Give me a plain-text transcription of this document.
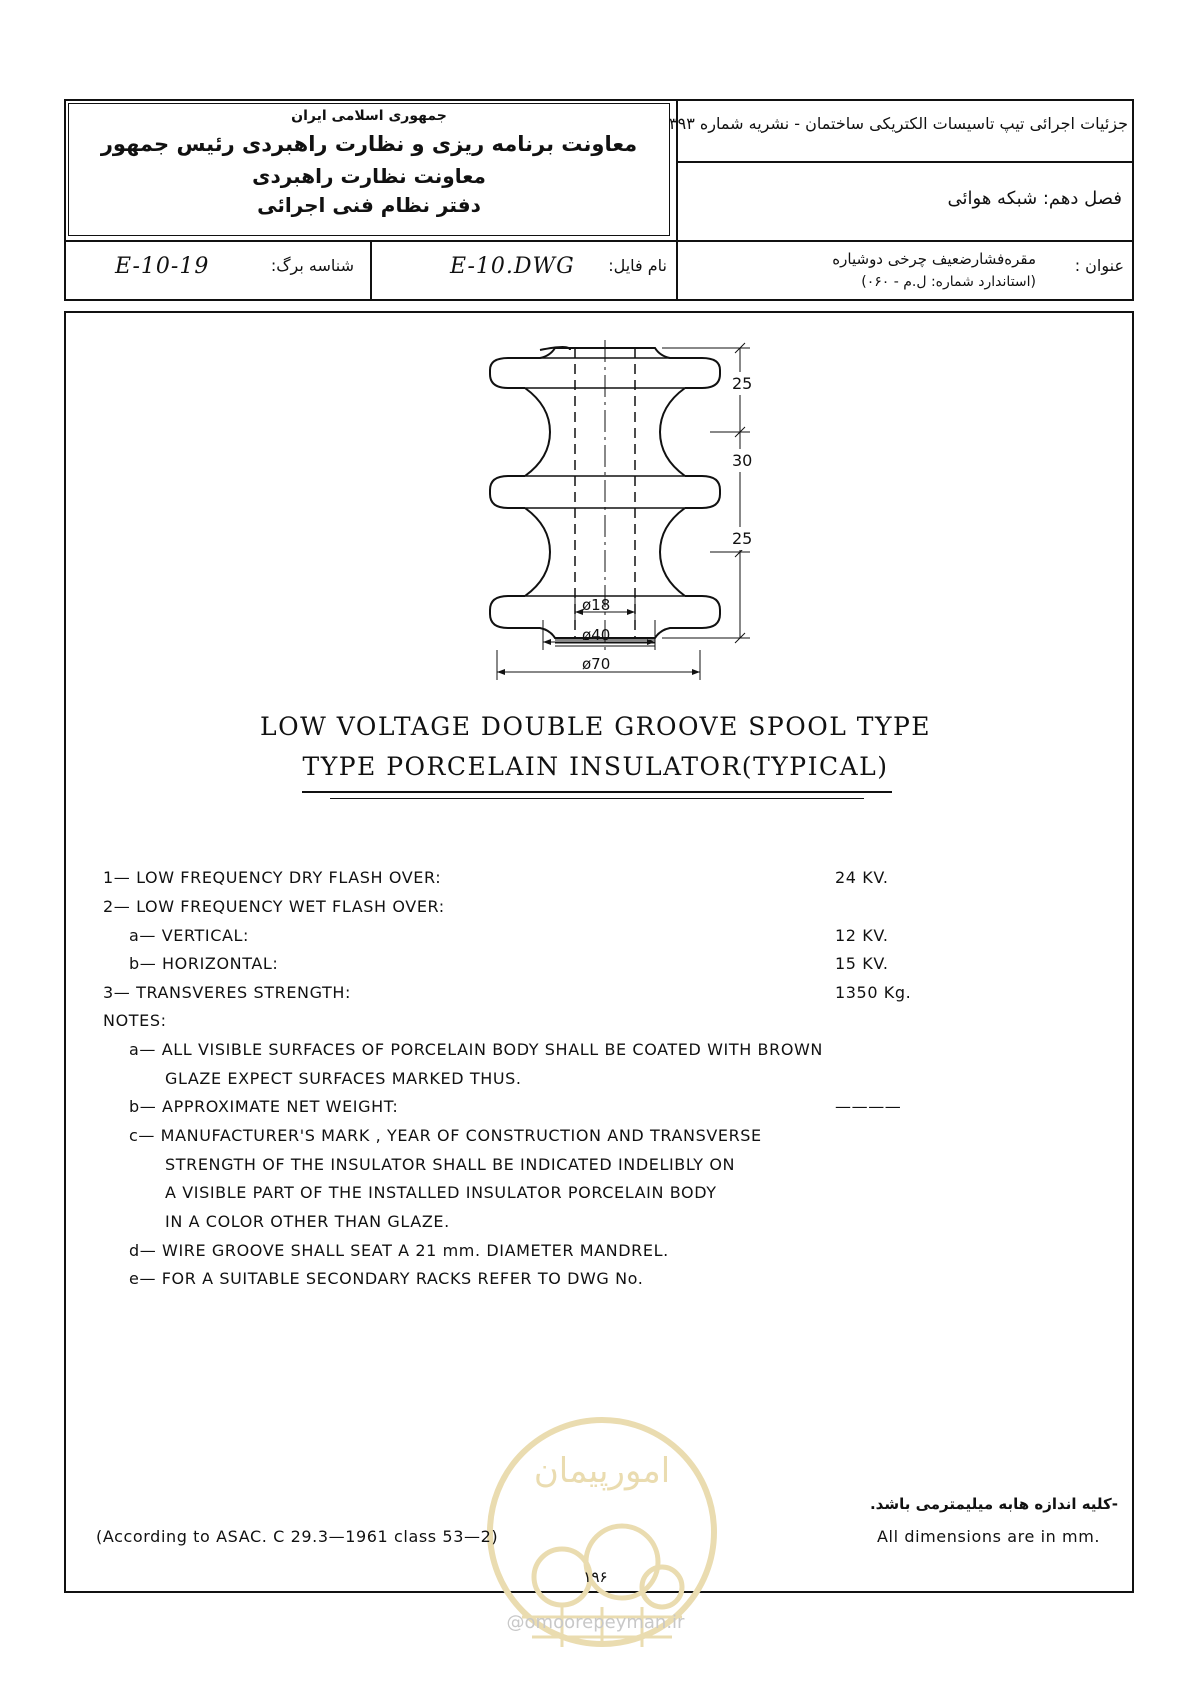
جمهوری اسلامی ایران
معاونت برنامه ریزی و نظارت راهبردی رئیس جمهور
معاونت نظارت راهبردی
دفتر نظام فنی اجرائی
جزئیات اجرائی تیپ تاسیسات الکتریکی ساختمان - نشریه شماره ۳۹۳
فصل دهم: شبکه هوائی
E-10-19	شناسه برگ:	E-10.DWG	نام فایل:	عنوان :
مقره‌فشارضعیف چرخی دوشیاره
(استاندارد شماره: ل.م - ۰۶۰)
25
30
25
ø18
ø40
ø70
LOW VOLTAGE DOUBLE GROOVE SPOOL TYPE
TYPE PORCELAIN INSULATOR(TYPICAL)
1— LOW FREQUENCY DRY FLASH OVER:	24 KV.
2— LOW FREQUENCY WET FLASH OVER:
a— VERTICAL:	12 KV.
b— HORIZONTAL:	15 KV.
3— TRANSVERES STRENGTH:	1350 Kg.
NOTES:
a— ALL VISIBLE SURFACES OF PORCELAIN BODY SHALL BE COATED WITH BROWN
GLAZE EXPECT SURFACES MARKED THUS.
b— APPROXIMATE NET WEIGHT:	————
c— MANUFACTURER'S MARK , YEAR OF CONSTRUCTION AND TRANSVERSE
STRENGTH OF THE INSULATOR SHALL BE INDICATED INDELIBLY ON
A VISIBLE PART OF THE INSTALLED INSULATOR PORCELAIN BODY
IN A COLOR OTHER THAN GLAZE.
d— WIRE GROOVE SHALL SEAT A 21 mm. DIAMETER MANDREL.
e— FOR A SUITABLE SECONDARY RACKS REFER TO DWG No.
امورپیمان
(According to ASAC. C 29.3—1961 class 53—2)
-کلیه اندازه هابه میلیمترمی باشد.
All dimensions are in mm.
۱۹۶
@omoorepeyman.ir
